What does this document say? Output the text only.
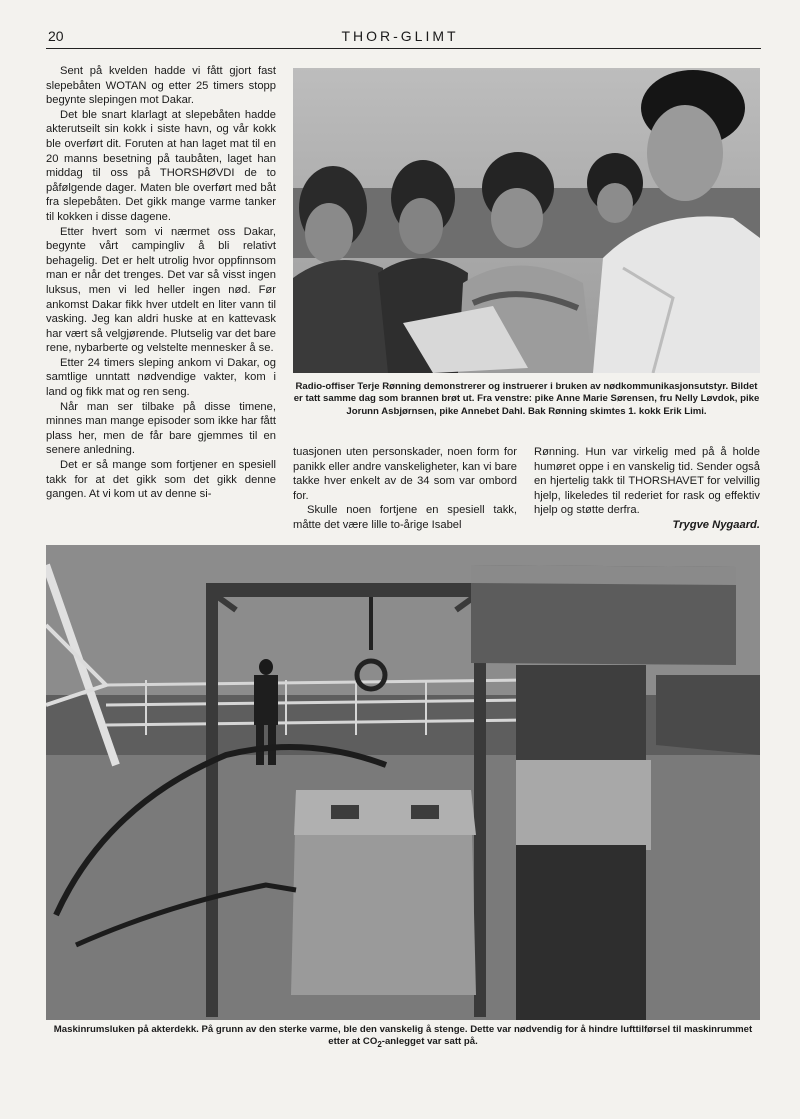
20	THOR-GLIMT

Sent på kvelden hadde vi fått gjort fast slepebåten WOTAN og etter 25 timers stopp begynte slepingen mot Dakar.

Det ble snart klarlagt at slepebåten hadde akterutseilt sin kokk i siste havn, og vår kokk ble overført dit. Foruten at han laget mat til en 20 manns besetning på taubåten, laget han middag til oss på THORSHØVDI de to påfølgende dager. Maten ble overført med båt fra slepebåten. Det gikk mange varme tanker til kokken i disse dagene.

Etter hvert som vi nærmet oss Dakar, begynte vårt campingliv å bli relativt behagelig. Det er helt utrolig hvor oppfinnsom man er når det trenges. Det var så visst ingen luksus, men vi led heller ingen nød. Før ankomst Dakar fikk hver utdelt en liter vann til vasking. Jeg kan aldri huske at en kattevask har vært så velgjørende. Plutselig var det bare rene, nybarberte og velstelte mennesker å se.

Etter 24 timers sleping ankom vi Dakar, og samtlige unntatt nødvendige vakter, kom i land og fikk mat og ren seng.

Når man ser tilbake på disse timene, minnes man mange episoder som ikke har fått plass her, men de får bare gjemmes til en senere anledning.

Det er så mange som fortjener en spesiell takk for at det gikk som det gikk denne gangen. At vi kom ut av denne si-

Radio-offiser Terje Rønning demonstrerer og instruerer i bruken av nødkommunikasjonsutstyr. Bildet er tatt samme dag som brannen brøt ut. Fra venstre: pike Anne Marie Sørensen, fru Nelly Løvdok, pike Jorunn Asbjørnsen, pike Annebet Dahl. Bak Rønning skimtes 1. kokk Erik Limi.

tuasjonen uten personskader, noen form for panikk eller andre vanskeligheter, kan vi bare takke hver enkelt av de 34 som var ombord for.

Skulle noen fortjene en spesiell takk, måtte det være lille to-årige Isabel

Rønning. Hun var virkelig med på å holde humøret oppe i en vanskelig tid. Sender også en hjertelig takk til THORSHAVET for velvillig hjelp, likeledes til rederiet for rask og effektiv hjelp og støtte derfra.

Trygve Nygaard.
Maskinrumsluken på akterdekk. På grunn av den sterke varme, ble den vanskelig å stenge. Dette var nødvendig for å hindre lufttilførsel til maskinrummet etter at $CO_2$-anlegget var satt på.
